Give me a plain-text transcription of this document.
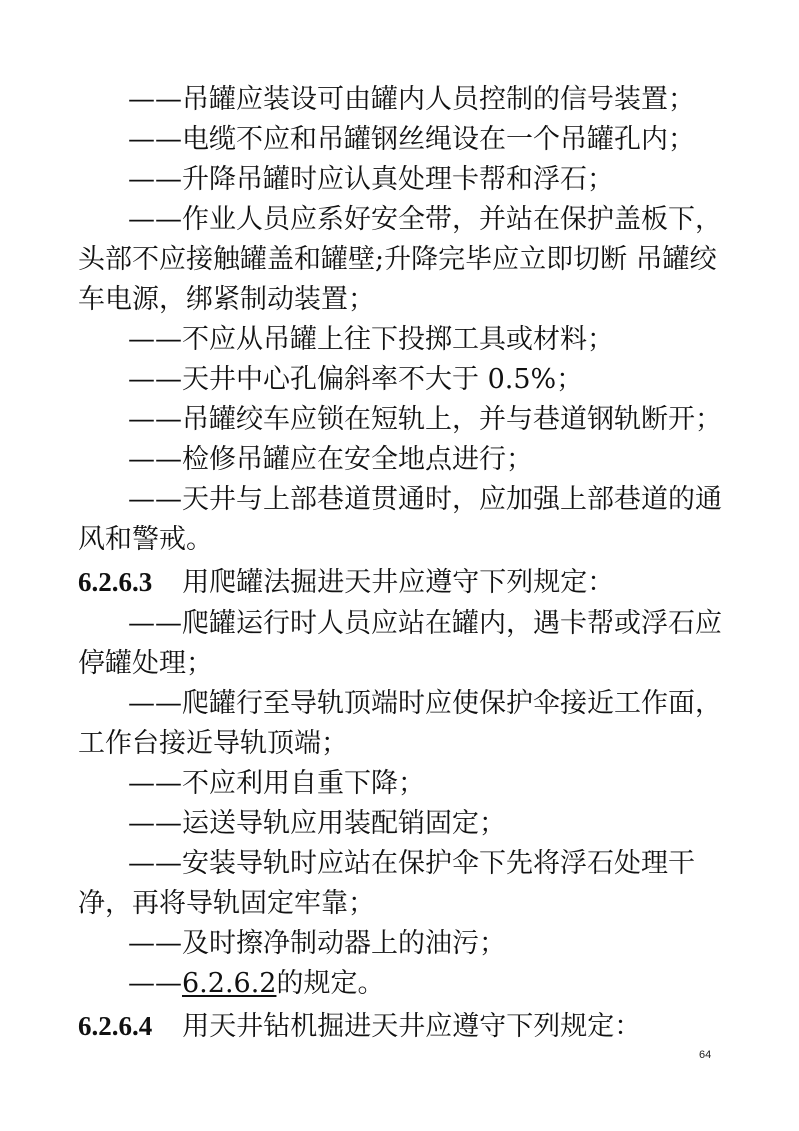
——吊罐应装设可由罐内人员控制的信号装置；
——电缆不应和吊罐钢丝绳设在一个吊罐孔内；
——升降吊罐时应认真处理卡帮和浮石；
——作业人员应系好安全带，并站在保护盖板下，
头部不应接触罐盖和罐壁;升降完毕应立即切断 吊罐绞
车电源，绑紧制动装置；
——不应从吊罐上往下投掷工具或材料；
——天井中心孔偏斜率不大于 0.5%；
——吊罐绞车应锁在短轨上，并与巷道钢轨断开；
——检修吊罐应在安全地点进行；
——天井与上部巷道贯通时，应加强上部巷道的通
风和警戒。
6.2.6.3 用爬罐法掘进天井应遵守下列规定：
——爬罐运行时人员应站在罐内，遇卡帮或浮石应
停罐处理；
——爬罐行至导轨顶端时应使保护伞接近工作面，
工作台接近导轨顶端；
——不应利用自重下降；
——运送导轨应用装配销固定；
——安装导轨时应站在保护伞下先将浮石处理干
净，再将导轨固定牢靠；
——及时擦净制动器上的油污；
——6.2.6.2的规定。
6.2.6.4 用天井钻机掘进天井应遵守下列规定：
64
